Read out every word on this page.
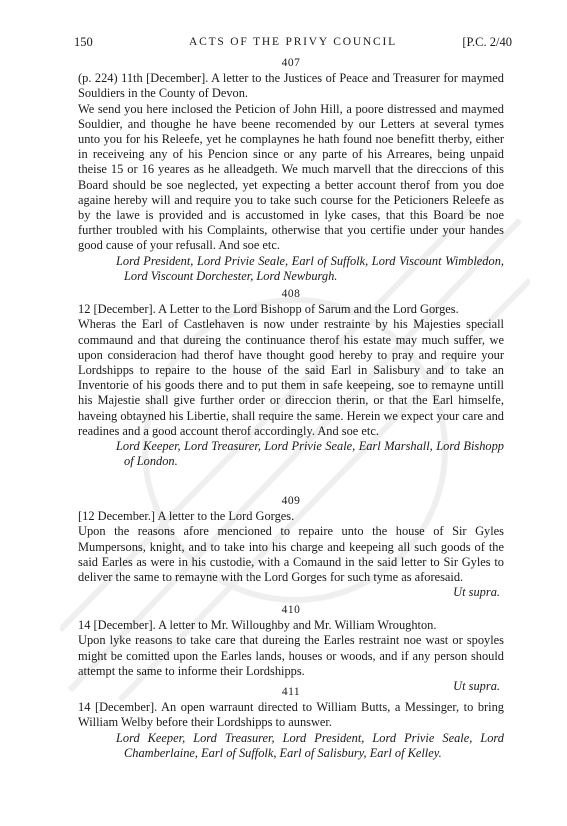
150	ACTS OF THE PRIVY COUNCIL	[P.C. 2/40
407

(p. 224) 11th [December]. A letter to the Justices of Peace and Treasurer for maymed Souldiers in the County of Devon.

We send you here inclosed the Peticion of John Hill, a poore distressed and maymed Souldier, and thoughe he have beene recomended by our Letters at several tymes unto you for his Releefe, yet he complaynes he hath found noe benefitt therby, either in receiveing any of his Pencion since or any parte of his Arreares, being unpaid theise 15 or 16 yeares as he alleadgeth. We much marvell that the direccions of this Board should be soe neglected, yet expecting a better account therof from you doe againe hereby will and require you to take such course for the Peticioners Releefe as by the lawe is provided and is accustomed in lyke cases, that this Board be noe further troubled with his Complaints, otherwise that you certifie under your handes good cause of your refusall. And soe etc.

Lord President, Lord Privie Seale, Earl of Suffolk, Lord Viscount Wimbledon, Lord Viscount Dorchester, Lord Newburgh.

408

12 [December]. A Letter to the Lord Bishopp of Sarum and the Lord Gorges.

Wheras the Earl of Castlehaven is now under restrainte by his Majesties speciall commaund and that dureing the continuance therof his estate may much suffer, we upon consideracion had therof have thought good hereby to pray and require your Lordshipps to repaire to the house of the said Earl in Salisbury and to take an Inventorie of his goods there and to put them in safe keepeing, soe to remayne untill his Majestie shall give further order or direccion therin, or that the Earl himselfe, haveing obtayned his Libertie, shall require the same. Herein we expect your care and readines and a good account therof accordingly. And soe etc.

Lord Keeper, Lord Treasurer, Lord Privie Seale, Earl Marshall, Lord Bishopp of London.

409

[12 December.] A letter to the Lord Gorges.

Upon the reasons afore mencioned to repaire unto the house of Sir Gyles Mumpersons, knight, and to take into his charge and keepeing all such goods of the said Earles as were in his custodie, with a Comaund in the said letter to Sir Gyles to deliver the same to remayne with the Lord Gorges for such tyme as aforesaid.

Ut supra.

410

14 [December]. A letter to Mr. Willoughby and Mr. William Wroughton.

Upon lyke reasons to take care that dureing the Earles restraint noe wast or spoyles might be comitted upon the Earles lands, houses or woods, and if any person should attempt the same to informe their Lordshipps.

Ut supra.

411

14 [December]. An open warraunt directed to William Butts, a Messinger, to bring William Welby before their Lordshipps to aunswer.

Lord Keeper, Lord Treasurer, Lord President, Lord Privie Seale, Lord Chamberlaine, Earl of Suffolk, Earl of Salisbury, Earl of Kelley.
